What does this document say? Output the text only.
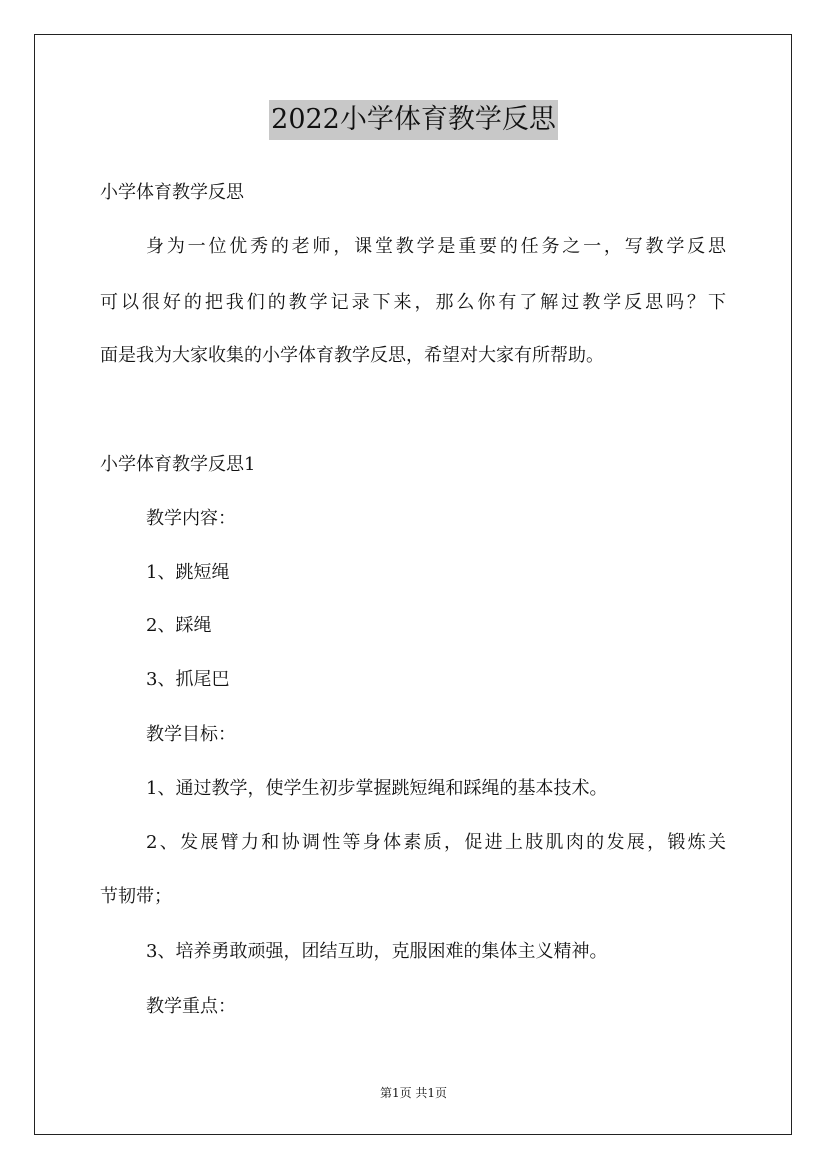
2022小学体育教学反思
小学体育教学反思
身为一位优秀的老师，课堂教学是重要的任务之一，写教学反思
可以很好的把我们的教学记录下来，那么你有了解过教学反思吗？下
面是我为大家收集的小学体育教学反思，希望对大家有所帮助。
小学体育教学反思1
教学内容：
1、跳短绳
2、踩绳
3、抓尾巴
教学目标：
1、通过教学，使学生初步掌握跳短绳和踩绳的基本技术。
2、发展臂力和协调性等身体素质，促进上肢肌肉的发展，锻炼关
节韧带；
3、培养勇敢顽强，团结互助，克服困难的集体主义精神。
教学重点：
第1页 共1页
